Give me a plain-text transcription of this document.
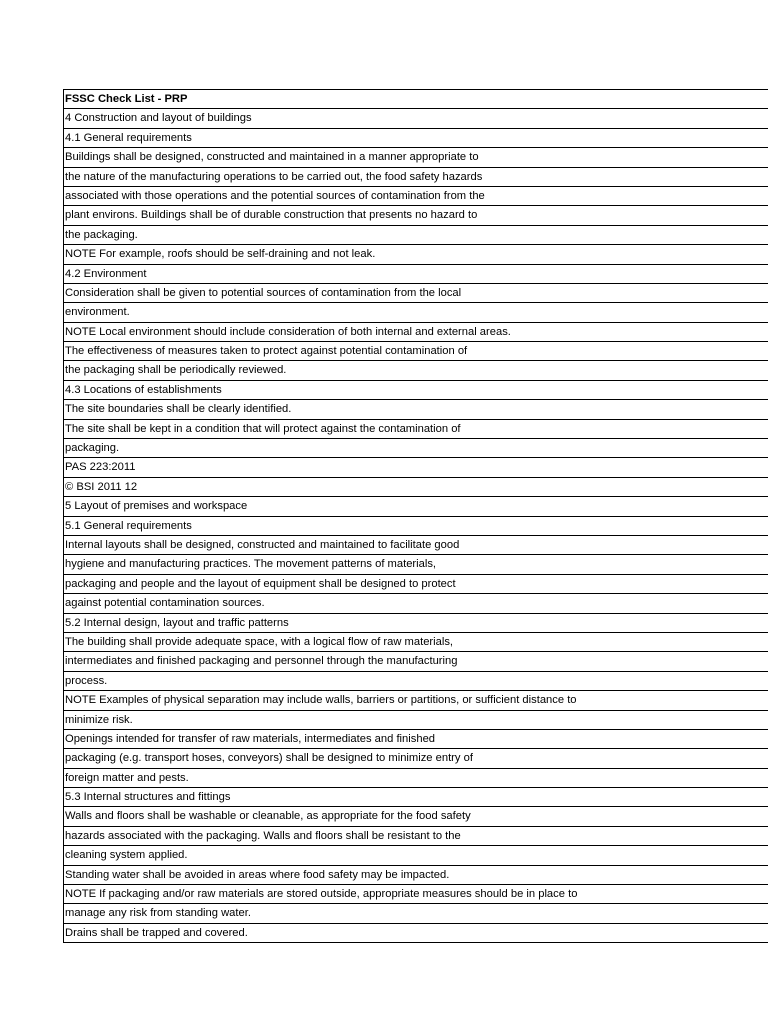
FSSC Check List - PRP
4 Construction and layout of buildings
4.1 General requirements
Buildings shall be designed, constructed and maintained in a manner appropriate to
the nature of the manufacturing operations to be carried out, the food safety hazards
associated with those operations and the potential sources of contamination from the
plant environs. Buildings shall be of durable construction that presents no hazard to
the packaging.
NOTE For example, roofs should be self-draining and not leak.
4.2 Environment
Consideration shall be given to potential sources of contamination from the local
environment.
NOTE Local environment should include consideration of both internal and external areas.
The effectiveness of measures taken to protect against potential contamination of
the packaging shall be periodically reviewed.
4.3 Locations of establishments
The site boundaries shall be clearly identified.
The site shall be kept in a condition that will protect against the contamination of
packaging.
PAS 223:2011
© BSI 2011 12
5 Layout of premises and workspace
5.1 General requirements
Internal layouts shall be designed, constructed and maintained to facilitate good
hygiene and manufacturing practices. The movement patterns of materials,
packaging and people and the layout of equipment shall be designed to protect
against potential contamination sources.
5.2 Internal design, layout and traffic patterns
The building shall provide adequate space, with a logical flow of raw materials,
intermediates and finished packaging and personnel through the manufacturing
process.
NOTE Examples of physical separation may include walls, barriers or partitions, or sufficient distance to
minimize risk.
Openings intended for transfer of raw materials, intermediates and finished
packaging (e.g. transport hoses, conveyors) shall be designed to minimize entry of
foreign matter and pests.
5.3 Internal structures and fittings
Walls and floors shall be washable or cleanable, as appropriate for the food safety
hazards associated with the packaging. Walls and floors shall be resistant to the
cleaning system applied.
Standing water shall be avoided in areas where food safety may be impacted.
NOTE If packaging and/or raw materials are stored outside, appropriate measures should be in place to
manage any risk from standing water.
Drains shall be trapped and covered.
